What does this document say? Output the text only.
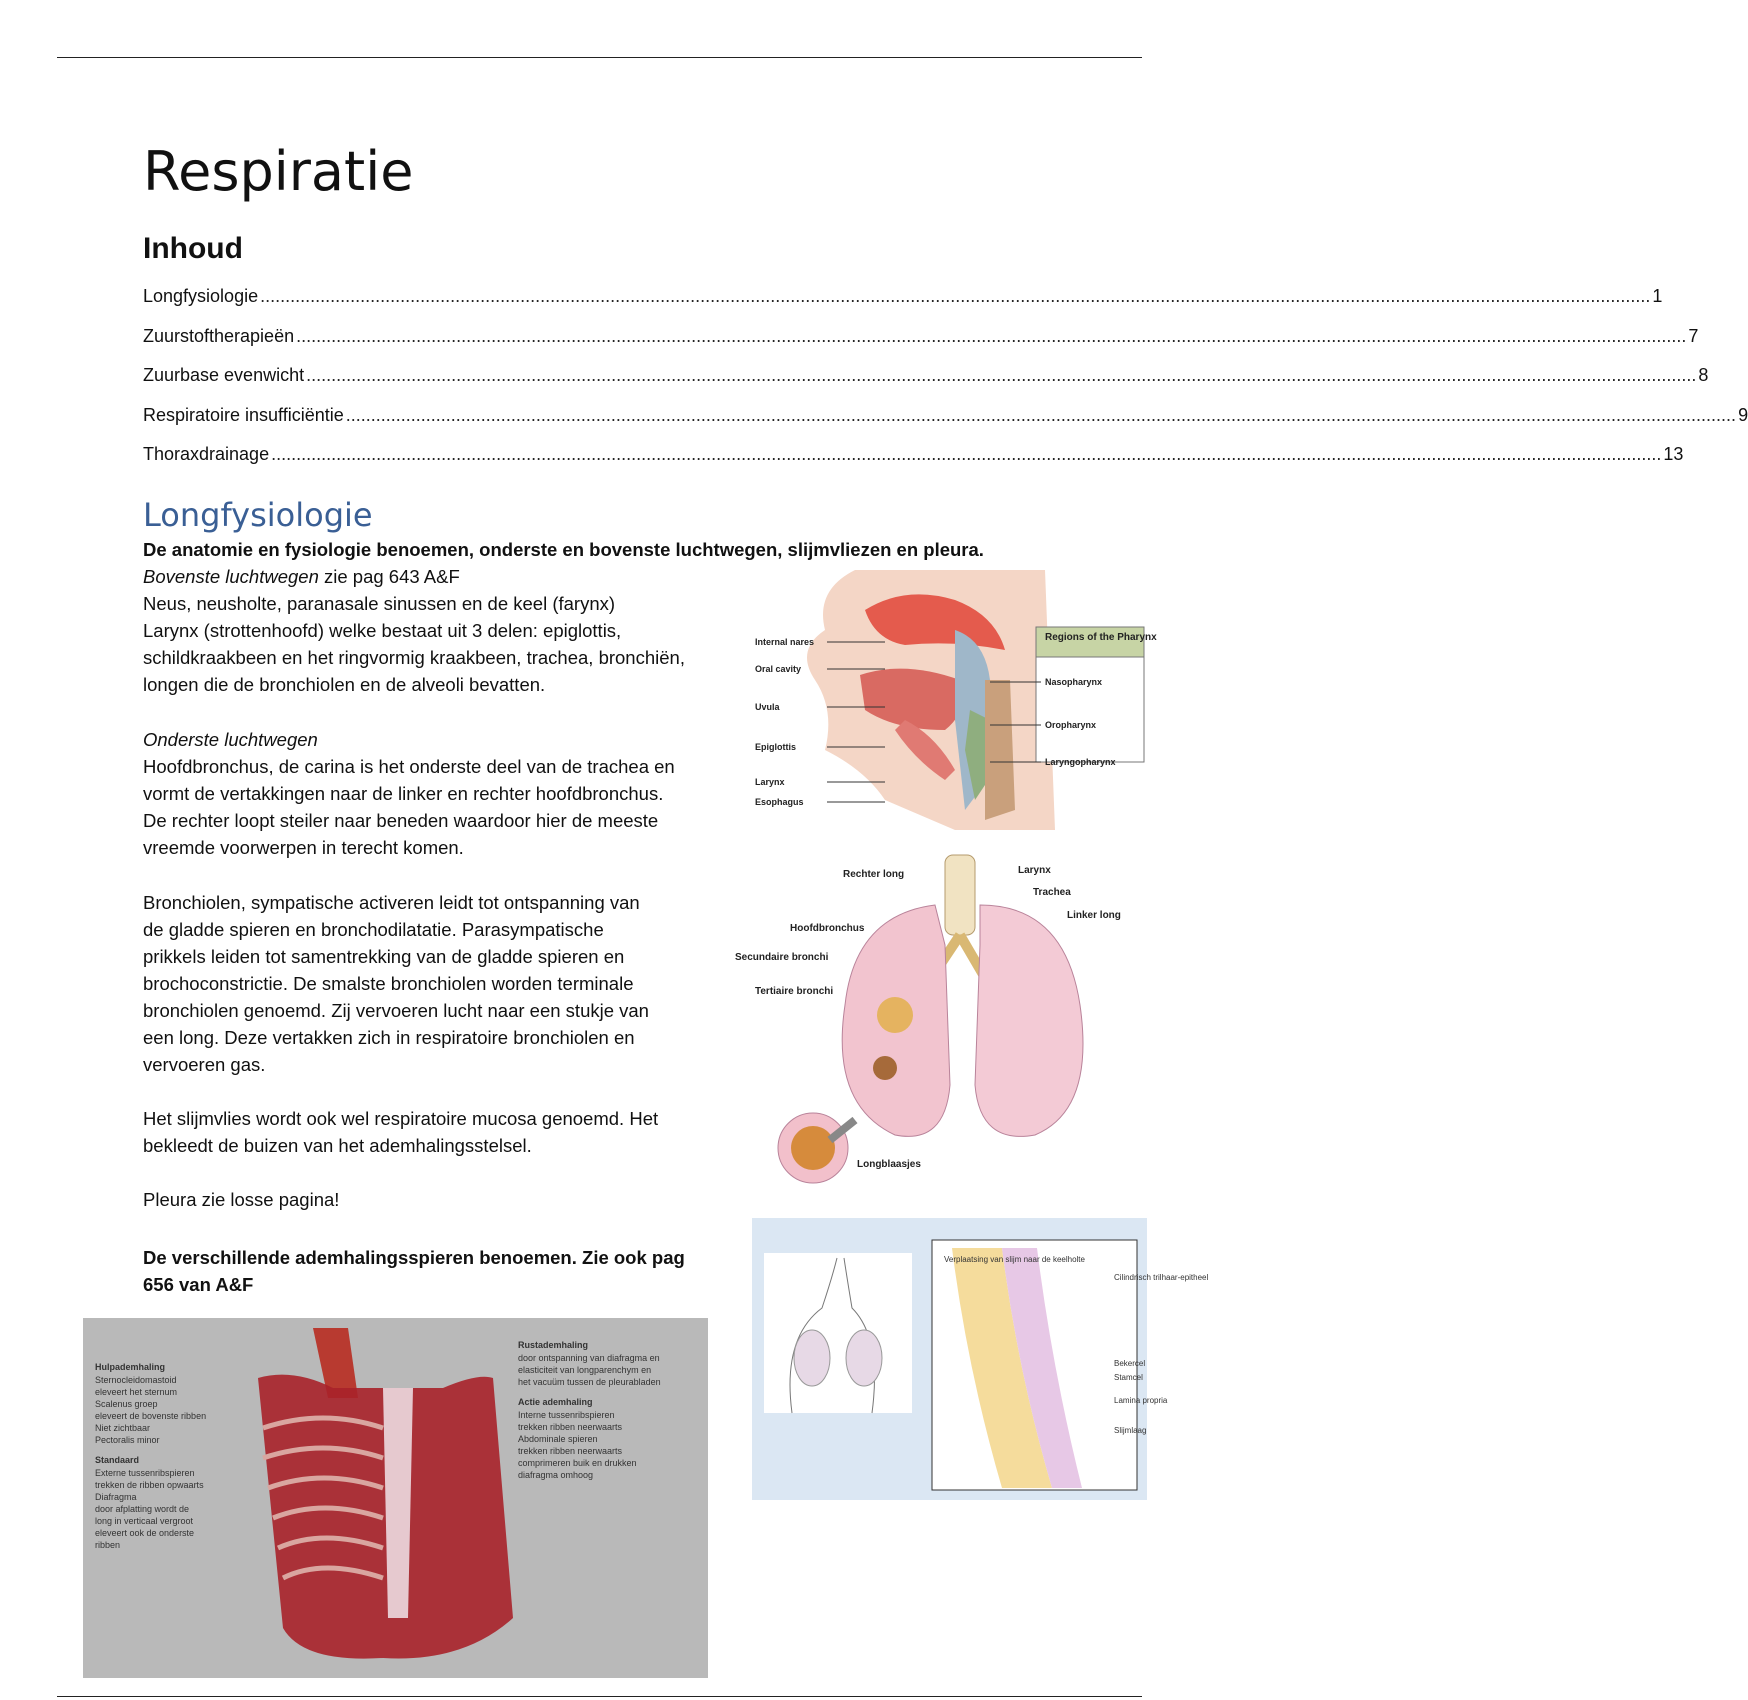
Respiratie
Inhoud
Longfysiologie .....	1
Zuurstoftherapieën .....	7
Zuurbase evenwicht .....	8
Respiratoire insufficiëntie .....	9
Thoraxdrainage .....	13
Longfysiologie
De anatomie en fysiologie benoemen, onderste en bovenste luchtwegen, slijmvliezen en pleura.
Bovenste luchtwegen zie pag 643 A&F
Neus, neusholte, paranasale sinussen en de keel (farynx)
Larynx (strottenhoofd) welke bestaat uit 3 delen: epiglottis,
schildkraakbeen en het ringvormig kraakbeen, trachea, bronchiën,
longen die de bronchiolen en de alveoli bevatten.
Onderste luchtwegen
Hoofdbronchus, de carina is het onderste deel van de trachea en
vormt de vertakkingen naar de linker en rechter hoofdbronchus.
De rechter loopt steiler naar beneden waardoor hier de meeste
vreemde voorwerpen in terecht komen.
Bronchiolen, sympatische activeren leidt tot ontspanning van
de gladde spieren en bronchodilatatie. Parasympatische
prikkels leiden tot samentrekking van de gladde spieren en
brochoconstrictie. De smalste bronchiolen worden terminale
bronchiolen genoemd. Zij vervoeren lucht naar een stukje van
een long. Deze vertakken zich in respiratoire bronchiolen en
vervoeren gas.
Het slijmvlies wordt ook wel respiratoire mucosa genoemd. Het
bekleedt de buizen van het ademhalingsstelsel.
Pleura zie losse pagina!
De verschillende ademhalingsspieren benoemen. Zie ook pag
656 van A&F
Internal nares
Oral cavity
Uvula
Epiglottis
Larynx
Esophagus
Nasopharynx
Oropharynx
Laryngopharynx
Regions of the Pharynx
Rechter long	Larynx
Trachea
Linker long
Hoofdbronchus
Secundaire bronchi
Tertiaire bronchi
Longblaasjes
Cilindrisch trilhaar-epitheel
Bekercel
Stamcel
Lamina propria
Slijmlaag
Verplaatsing van slijm naar de keelholte
Hulpademhaling
Sternocleidomastoid
eleveert het sternum
Scalenus groep
eleveert de bovenste ribben
Niet zichtbaar
Pectoralis minor
Standaard
Externe tussenribspieren
trekken de ribben opwaarts
Diafragma
door afplatting wordt de
long in verticaal vergroot
eleveert ook de onderste
ribben
Rustademhaling
door ontspanning van diafragma en
elasticiteit van longparenchym en
het vacuüm tussen de pleurabladen
Actie ademhaling
Interne tussenribspieren
trekken ribben neerwaarts
Abdominale spieren
trekken ribben neerwaarts
comprimeren buik en drukken
diafragma omhoog
